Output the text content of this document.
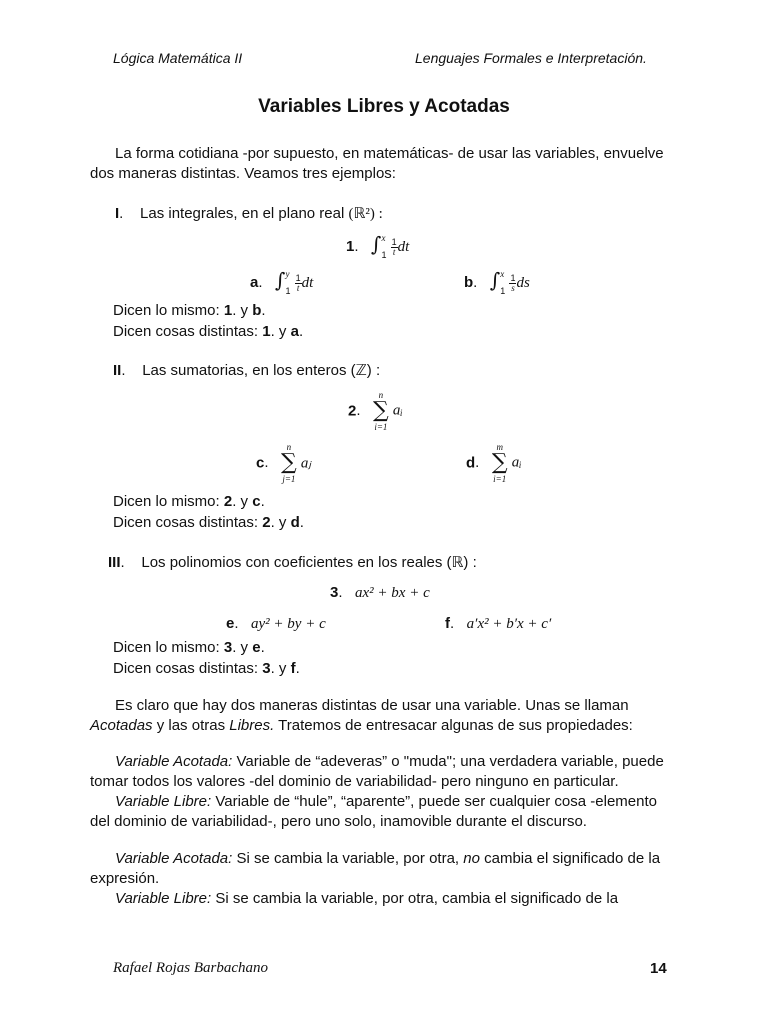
Lógica Matemática II	Lenguajes Formales e Interpretación.
Variables Libres y Acotadas
La forma cotidiana -por supuesto, en matemáticas- de usar las variables, envuelve dos maneras distintas. Veamos tres ejemplos:
I.    Las integrales, en el plano real (ℝ²) :
1.   ∫ x
1
$\frac{1}{t}$ dt
a.   ∫ y
1
$\frac{1}{t}$ dt	b.   ∫ x
1
$\frac{1}{s}$ ds
Dicen lo mismo: 1. y b.
Dicen cosas distintas: 1. y a.
II.    Las sumatorias, en los enteros (ℤ) :
2.
n
∑
i=1
aᵢ
c.
n
∑
j=1
aⱼ	d.
m
∑
i=1
aᵢ
Dicen lo mismo: 2. y c.
Dicen cosas distintas: 2. y d.
III.    Los polinomios con coeficientes en los reales (ℝ) :
3.   ax² + bx + c
e.   ay² + by + c	f.   a′x² + b′x + c′
Dicen lo mismo: 3. y e.
Dicen cosas distintas: 3. y f.
Es claro que hay dos maneras distintas de usar una variable. Unas se llaman Acotadas y las otras Libres. Tratemos de entresacar algunas de sus propiedades:
Variable Acotada: Variable de “adeveras” o "muda"; una verdadera variable, puede tomar todos los valores -del dominio de variabilidad- pero ninguno en particular.
Variable Libre: Variable de “hule”, “aparente”, puede ser cualquier cosa -elemento del dominio de variabilidad-, pero uno solo, inamovible durante el discurso.
Variable Acotada: Si se cambia la variable, por otra, no cambia el significado de la expresión.
Variable Libre: Si se cambia la variable, por otra, cambia el significado de la
Rafael Rojas Barbachano	14
